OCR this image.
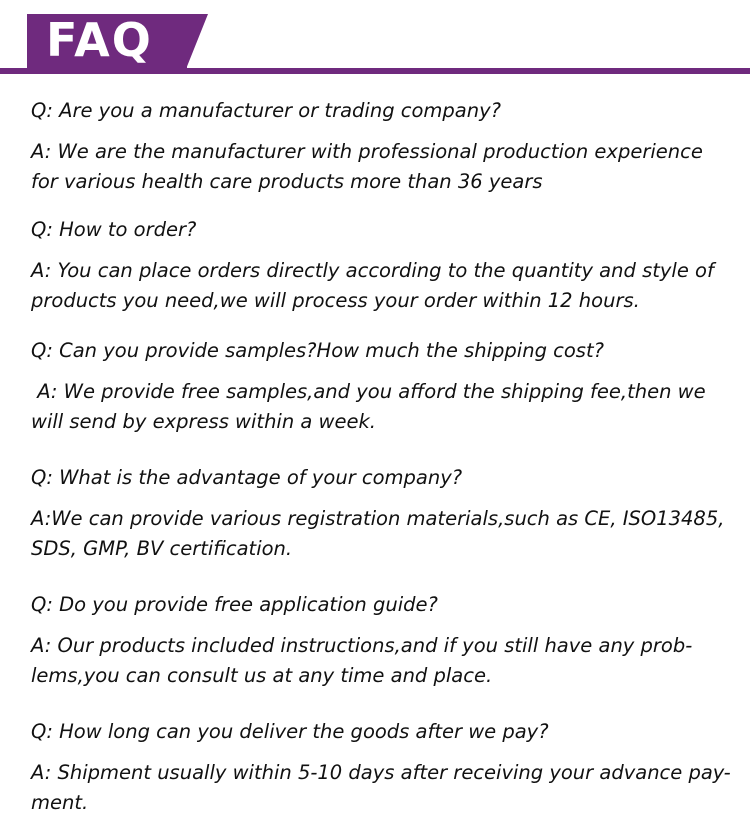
FAQ

Q: Are you a manufacturer or trading company?

A: We are the manufacturer with professional production experience
for various health care products more than 36 years

Q: How to order?

A: You can place orders directly according to the quantity and style of
products you need,we will process your order within 12 hours.

Q: Can you provide samples?How much the shipping cost?

A: We provide free samples,and you afford the shipping fee,then we
will send by express within a week.

Q: What is the advantage of your company?

A:We can provide various registration materials,such as CE, ISO13485,
SDS, GMP, BV certification.

Q: Do you provide free application guide?

A: Our products included instructions,and if you still have any prob-
lems,you can consult us at any time and place.

Q: How long can you deliver the goods after we pay?

A: Shipment usually within 5-10 days after receiving your advance pay-
ment.
